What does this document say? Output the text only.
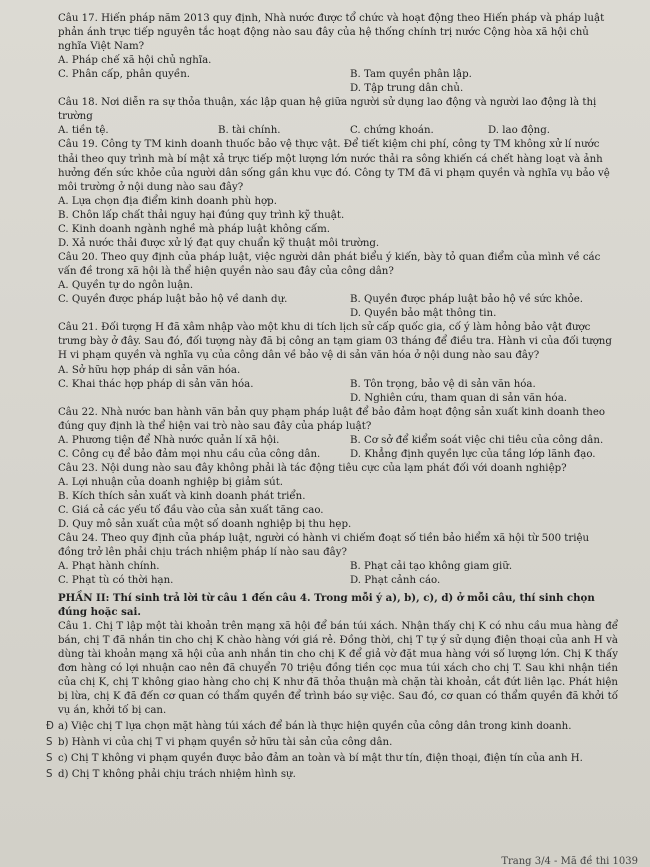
Câu 17. Hiến pháp năm 2013 quy định, Nhà nước được tổ chức và hoạt động theo Hiến pháp và pháp luật phản ánh trực tiếp nguyên tắc hoạt động nào sau đây của hệ thống chính trị nước Cộng hòa xã hội chủ nghĩa Việt Nam?

A. Pháp chế xã hội chủ nghĩa.

C. Phân cấp, phân quyền.	B. Tam quyền phân lập.
D. Tập trung dân chủ.

Câu 18. Nơi diễn ra sự thỏa thuận, xác lập quan hệ giữa người sử dụng lao động và người lao động là thị trường

A. tiền tệ.	B. tài chính.	C. chứng khoán.	D. lao động.

Câu 19. Công ty TM kinh doanh thuốc bảo vệ thực vật. Để tiết kiệm chi phí, công ty TM không xử lí nước thải theo quy trình mà bí mật xả trực tiếp một lượng lớn nước thải ra sông khiến cá chết hàng loạt và ảnh hưởng đến sức khỏe của người dân sống gần khu vực đó. Công ty TM đã vi phạm quyền và nghĩa vụ bảo vệ môi trường ở nội dung nào sau đây?

A. Lựa chọn địa điểm kinh doanh phù hợp.

B. Chôn lấp chất thải nguy hại đúng quy trình kỹ thuật.

C. Kinh doanh ngành nghề mà pháp luật không cấm.

D. Xả nước thải được xử lý đạt quy chuẩn kỹ thuật môi trường.

Câu 20. Theo quy định của pháp luật, việc người dân phát biểu ý kiến, bày tỏ quan điểm của mình về các vấn đề trong xã hội là thể hiện quyền nào sau đây của công dân?

A. Quyền tự do ngôn luận.

C. Quyền được pháp luật bảo hộ về danh dự.	B. Quyền được pháp luật bảo hộ về sức khỏe.
D. Quyền bảo mật thông tin.

Câu 21. Đối tượng H đã xâm nhập vào một khu di tích lịch sử cấp quốc gia, cố ý làm hỏng bảo vật được trưng bày ở đây. Sau đó, đối tượng này đã bị công an tạm giam 03 tháng để điều tra. Hành vi của đối tượng H vi phạm quyền và nghĩa vụ của công dân về bảo vệ di sản văn hóa ở nội dung nào sau đây?

A. Sở hữu hợp pháp di sản văn hóa.

C. Khai thác hợp pháp di sản văn hóa.	B. Tôn trọng, bảo vệ di sản văn hóa.
D. Nghiên cứu, tham quan di sản văn hóa.

Câu 22. Nhà nước ban hành văn bản quy phạm pháp luật để bảo đảm hoạt động sản xuất kinh doanh theo đúng quy định là thể hiện vai trò nào sau đây của pháp luật?

A. Phương tiện để Nhà nước quản lí xã hội.	B. Cơ sở để kiểm soát việc chi tiêu của công dân.
C. Công cụ để bảo đảm mọi nhu cầu của công dân.	D. Khẳng định quyền lực của tầng lớp lãnh đạo.

Câu 23. Nội dung nào sau đây không phải là tác động tiêu cực của lạm phát đối với doanh nghiệp?

A. Lợi nhuận của doanh nghiệp bị giảm sút.

B. Kích thích sản xuất và kinh doanh phát triển.

C. Giá cả các yếu tố đầu vào của sản xuất tăng cao.

D. Quy mô sản xuất của một số doanh nghiệp bị thu hẹp.

Câu 24. Theo quy định của pháp luật, người có hành vi chiếm đoạt số tiền bảo hiểm xã hội từ 500 triệu đồng trở lên phải chịu trách nhiệm pháp lí nào sau đây?

A. Phạt hành chính.	B. Phạt cải tạo không giam giữ.
C. Phạt tù có thời hạn.	D. Phạt cảnh cáo.

PHẦN II: Thí sinh trả lời từ câu 1 đến câu 4. Trong mỗi ý a), b), c), d) ở mỗi câu, thí sinh chọn đúng hoặc sai.

Câu 1. Chị T lập một tài khoản trên mạng xã hội để bán túi xách. Nhận thấy chị K có nhu cầu mua hàng để bán, chị T đã nhắn tin cho chị K chào hàng với giá rẻ. Đồng thời, chị T tự ý sử dụng điện thoại của anh H và dùng tài khoản mạng xã hội của anh nhắn tin cho chị K để giả vờ đặt mua hàng với số lượng lớn. Chị K thấy đơn hàng có lợi nhuận cao nên đã chuyển 70 triệu đồng tiền cọc mua túi xách cho chị T. Sau khi nhận tiền của chị K, chị T không giao hàng cho chị K như đã thỏa thuận mà chặn tài khoản, cắt đứt liên lạc. Phát hiện bị lừa, chị K đã đến cơ quan có thẩm quyền để trình báo sự việc. Sau đó, cơ quan có thẩm quyền đã khởi tố vụ án, khởi tố bị can.

Đ a) Việc chị T lựa chọn mặt hàng túi xách để bán là thực hiện quyền của công dân trong kinh doanh.

S b) Hành vi của chị T vi phạm quyền sở hữu tài sản của công dân.

S c) Chị T không vi phạm quyền được bảo đảm an toàn và bí mật thư tín, điện thoại, điện tín của anh H.

S d) Chị T không phải chịu trách nhiệm hình sự.

Trang 3/4 - Mã đề thi 1039
